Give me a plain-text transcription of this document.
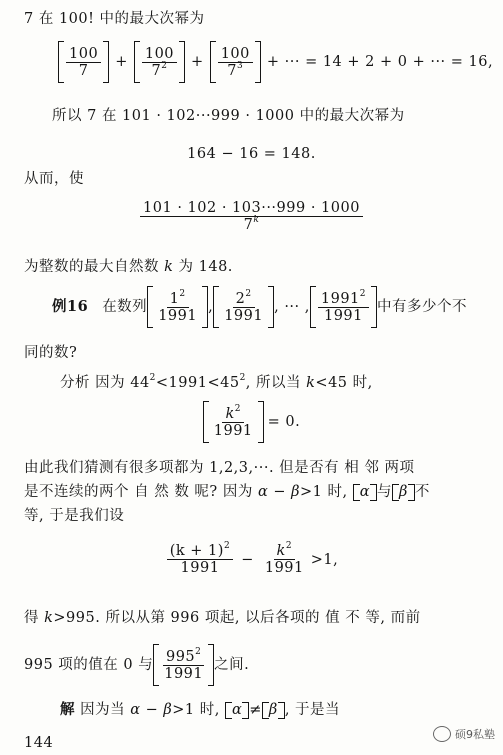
7 在 100! 中的最大次幂为
100
7
+
100
$7^2$ +
100
$7^3$ + ··· = 14 + 2 + 0 + ··· = 16,
所以 7 在 101 · 102···999 · 1000 中的最大次幂为
164 − 16 = 148.
从而，使
$\frac{101 \cdot 102 \cdot 103\cdot\cdot\cdot 999 \cdot 1000}{7^k}$
为整数的最大自然数 k 为 148.
例16 在数列
$1^2$
1991
,
$2^2$
1991
, ··· ,
1991$^2$
1991
中有多少个不
同的数?
分析 因为 $44^2<1991<45^2$, 所以当 k<45 时,
$k^2$
1991
= 0.
由此我们猜测有很多项都为 1,2,3,···. 但是否有 相 邻 两项
是不连续的两个 自 然 数 呢? 因为 α − β>1 时, α 与 β 不
等, 于是我们设
$(k + 1)^2$
1991
− $\frac{k^2}{1991} >1$,
得 k>995. 所以从第 996 项起, 以后各项的 值 不 等, 而前
995 项的值在 0 与
$995^2$
1991
之间.
解 因为当 α − β>1 时, α ≠ β , 于是当
144
硕9私塾
